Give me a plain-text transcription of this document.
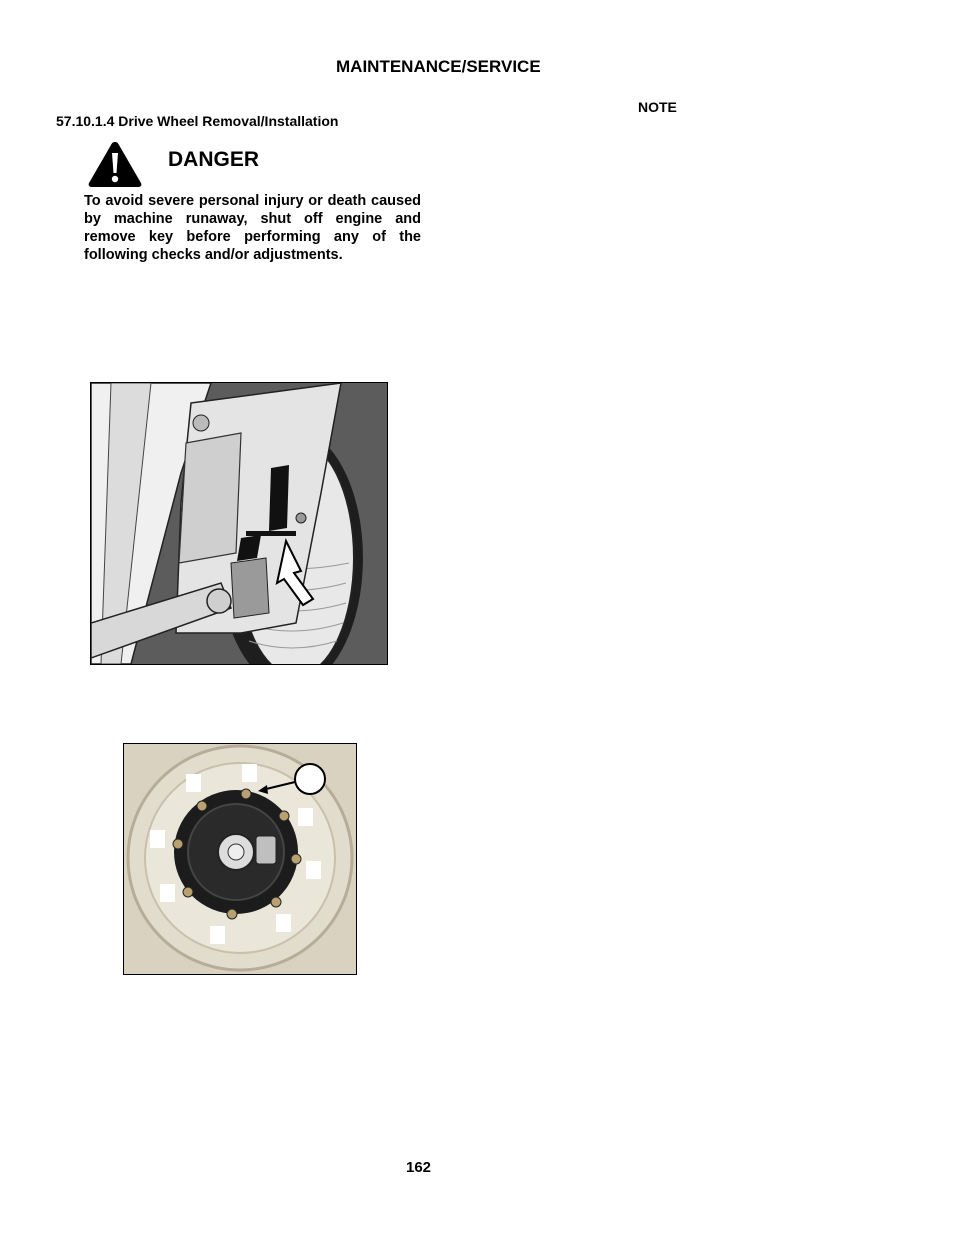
MAINTENANCE/SERVICE
NOTE
57.10.1.4 Drive Wheel Removal/Installation
DANGER
To avoid severe personal injury or death caused by machine runaway, shut off engine and remove key before performing any of the following checks and/or adjustments.
162
